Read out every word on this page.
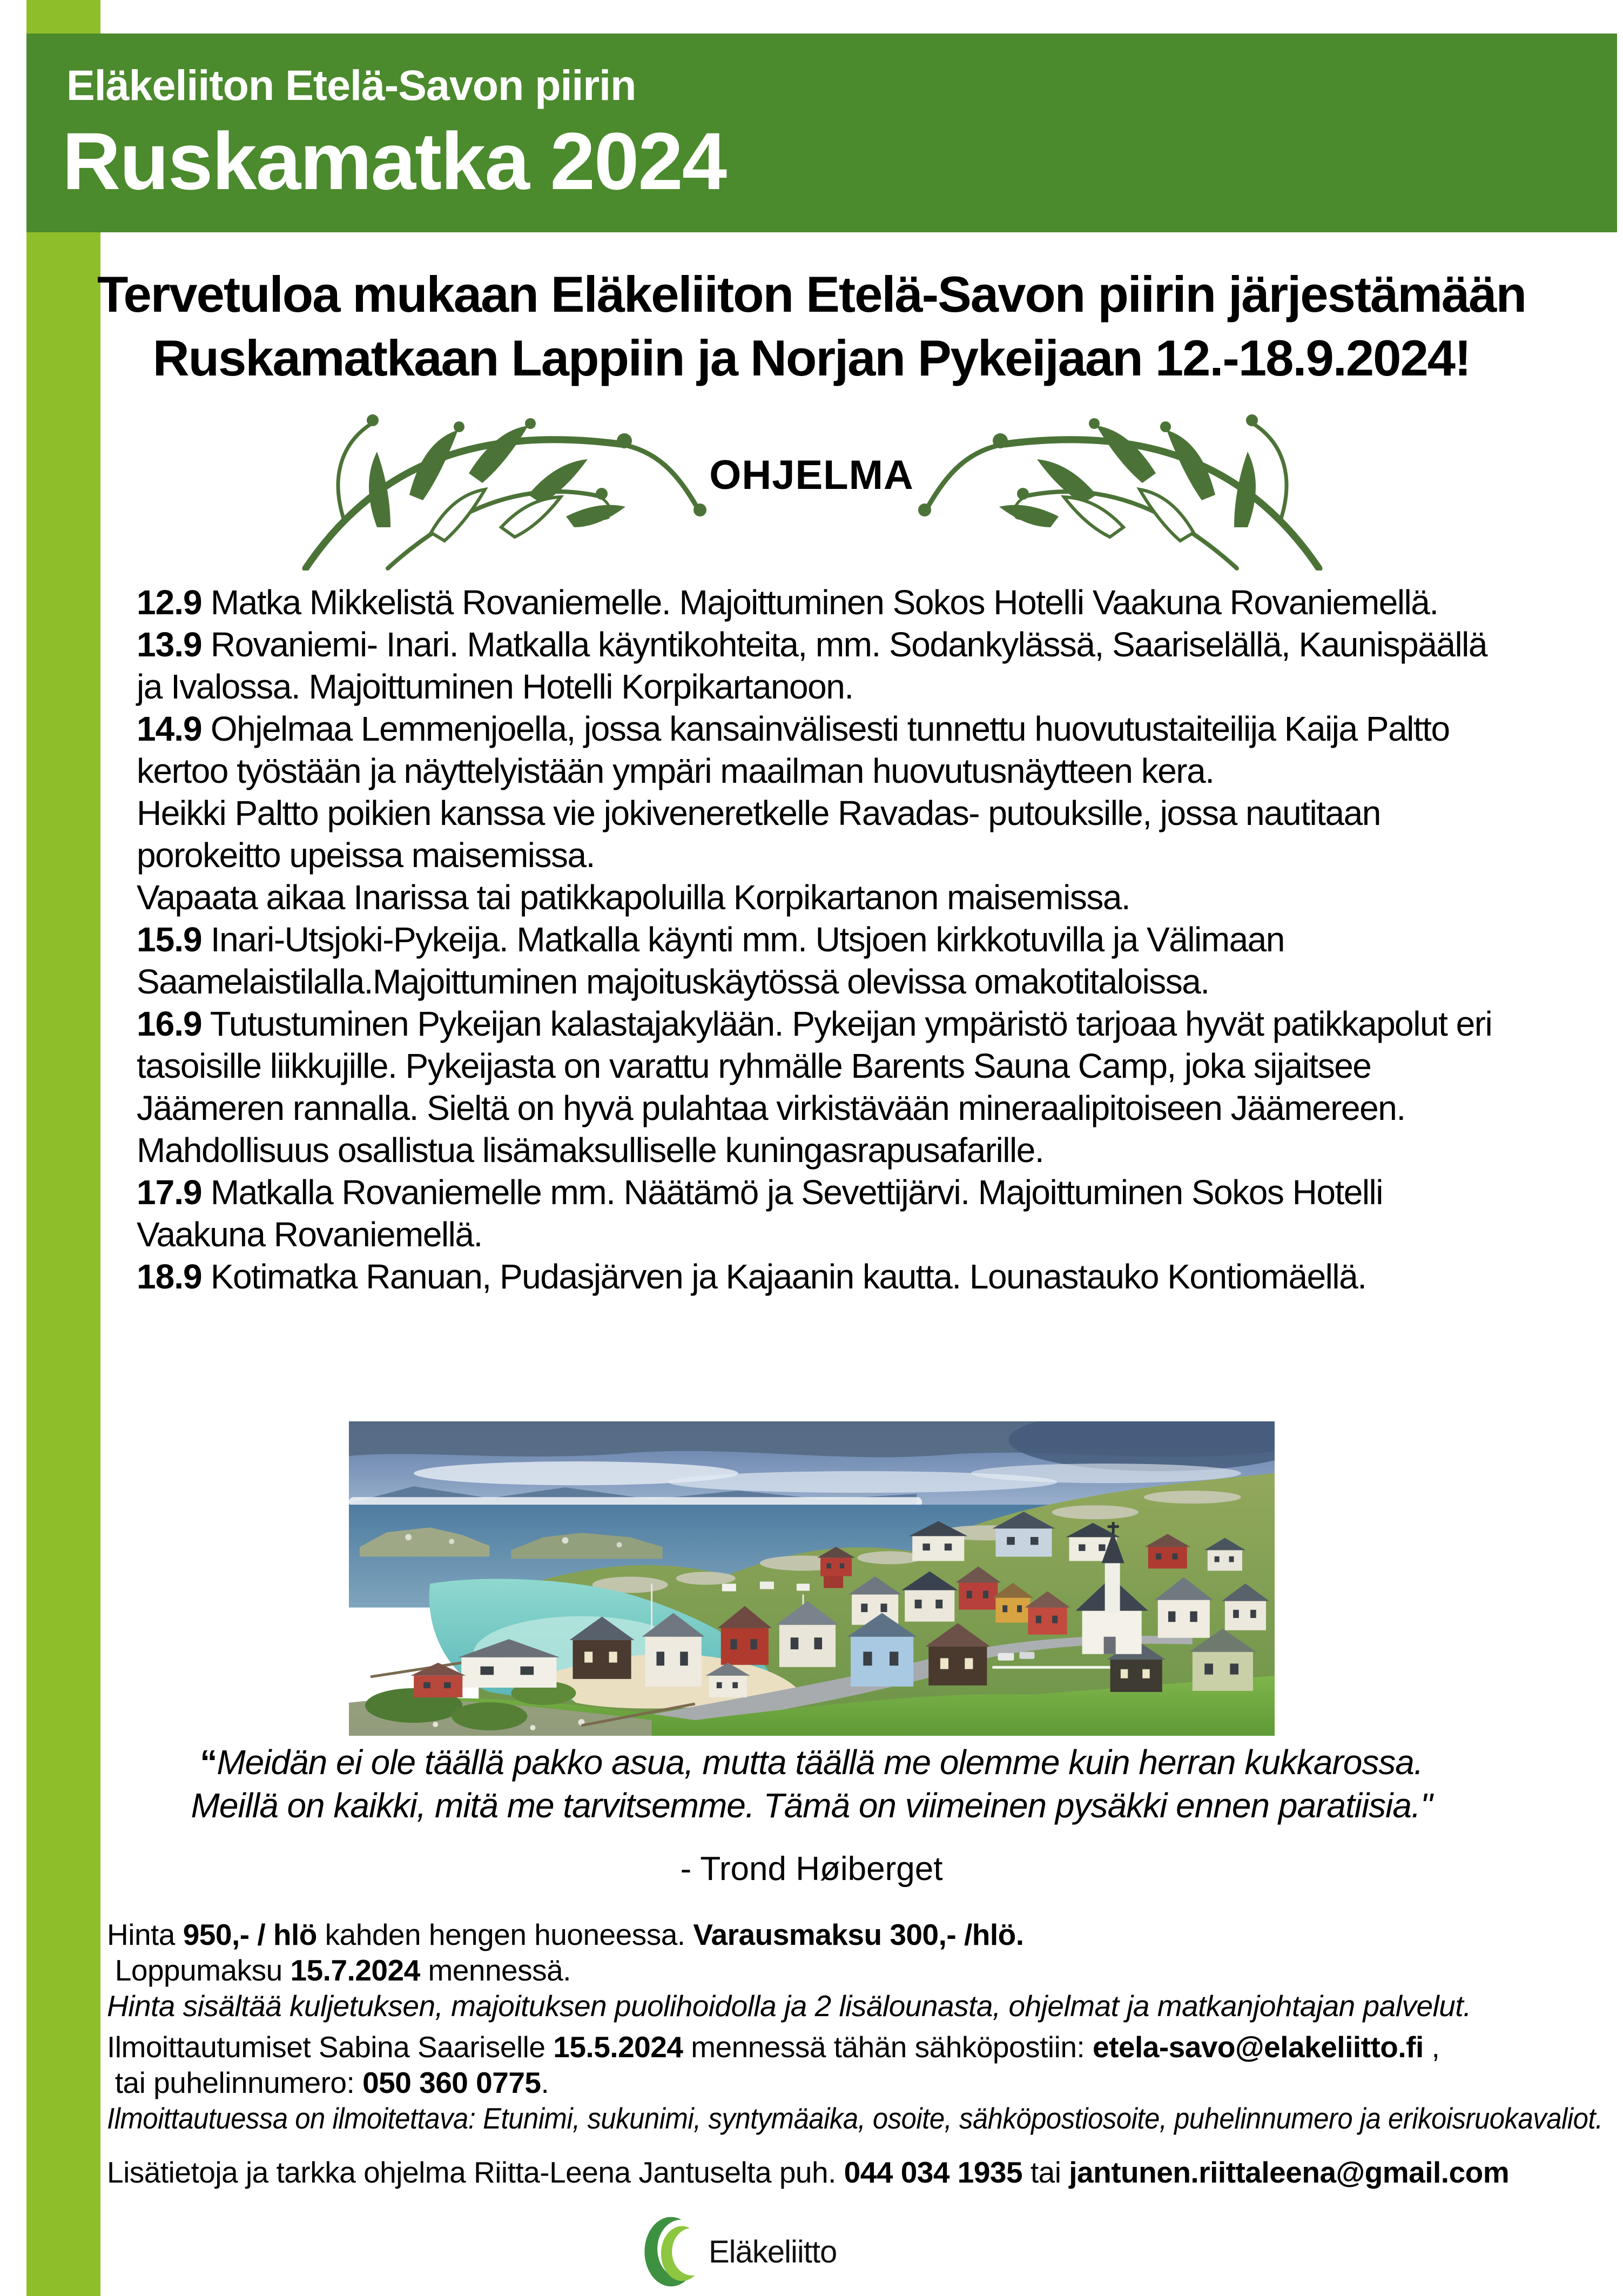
Eläkeliiton Etelä-Savon piirin
Ruskamatka 2024
Tervetuloa mukaan Eläkeliiton Etelä-Savon piirin järjestämään
Ruskamatkaan Lappiin ja Norjan Pykeijaan 12.-18.9.2024!
OHJELMA
12.9 Matka Mikkelistä Rovaniemelle. Majoittuminen Sokos Hotelli Vaakuna Rovaniemellä.
13.9 Rovaniemi- Inari. Matkalla käyntikohteita, mm. Sodankylässä, Saariselällä, Kaunispäällä ja Ivalossa. Majoittuminen Hotelli Korpikartanoon.
14.9 Ohjelmaa Lemmenjoella, jossa kansainvälisesti tunnettu huovutustaiteilija Kaija Paltto kertoo työstään ja näyttelyistään ympäri maailman huovutusnäytteen kera.
Heikki Paltto poikien kanssa vie jokiveneretkelle Ravadas- putouksille, jossa nautitaan porokeitto upeissa maisemissa.
Vapaata aikaa Inarissa tai patikkapoluilla Korpikartanon maisemissa.
15.9 Inari-Utsjoki-Pykeija. Matkalla käynti mm. Utsjoen kirkkotuvilla ja Välimaan Saamelaistilalla.Majoittuminen majoituskäytössä olevissa omakotitaloissa.
16.9 Tutustuminen Pykeijan kalastajakylään. Pykeijan ympäristö tarjoaa hyvät patikkapolut eri tasoisille liikkujille. Pykeijasta on varattu ryhmälle Barents Sauna Camp, joka sijaitsee Jäämeren rannalla. Sieltä on hyvä pulahtaa virkistävään mineraalipitoiseen Jäämereen.
Mahdollisuus osallistua lisämaksulliselle kuningasrapusafarille.
17.9 Matkalla Rovaniemelle mm. Näätämö ja Sevettijärvi. Majoittuminen Sokos Hotelli Vaakuna Rovaniemellä.
18.9 Kotimatka Ranuan, Pudasjärven ja Kajaanin kautta. Lounastauko Kontiomäellä.
“Meidän ei ole täällä pakko asua, mutta täällä me olemme kuin herran kukkarossa.
Meillä on kaikki, mitä me tarvitsemme. Tämä on viimeinen pysäkki ennen paratiisia."
- Trond Høiberget
Hinta 950,- / hlö kahden hengen huoneessa. Varausmaksu 300,- /hlö.
Loppumaksu 15.7.2024 mennessä.
Hinta sisältää kuljetuksen, majoituksen puolihoidolla ja 2 lisälounasta, ohjelmat ja matkanjohtajan palvelut.
Ilmoittautumiset Sabina Saariselle 15.5.2024 mennessä tähän sähköpostiin: etela-savo@elakeliitto.fi ,
tai puhelinnumero: 050 360 0775.
Ilmoittautuessa on ilmoitettava: Etunimi, sukunimi, syntymäaika, osoite, sähköpostiosoite, puhelinnumero ja erikoisruokavaliot.
Lisätietoja ja tarkka ohjelma Riitta-Leena Jantuselta puh. 044 034 1935 tai jantunen.riittaleena@gmail.com
Eläkeliitto
